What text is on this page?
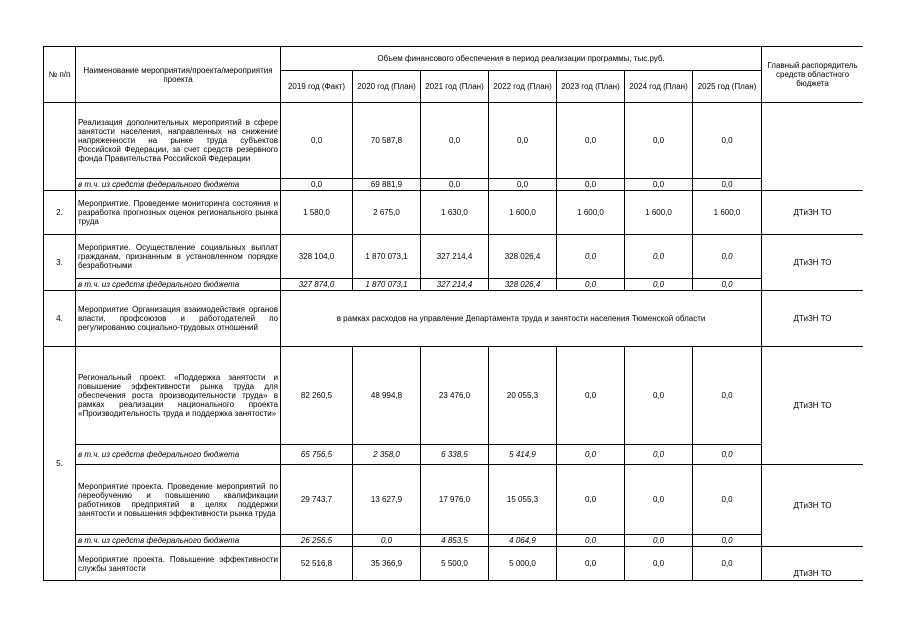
№ п/п	Наименование мероприятия/проекта/мероприятия проекта	Объем финансового обеспечения в период реализации программы, тыс.руб.							Главный распорядитель средств областного бюджета
		2019 год (Факт)	2020 год (План)	2021 год (План)	2022 год (План)	2023 год (План)	2024 год (План)	2025 год (План)	
	Реализация дополнительных мероприятий в сфере занятости населения, направленных на снижение напряженности на рынке труда субъектов Российской Федерации, за счет средств резервного фонда Правительства Российской Федерации	0,0	70 587,8	0,0	0,0	0,0	0,0	0,0	
	в т.ч. из средств федерального бюджета	0,0	69 881,9	0,0	0,0	0,0	0,0	0,0	
2.	Мероприятие. Проведение мониторинга состояния и разработка прогнозных оценок регионального рынка труда	1 580,0	2 675,0	1 630,0	1 600,0	1 600,0	1 600,0	1 600,0	ДТиЗН ТО
3.	Мероприятие. Осуществление социальных выплат гражданам, признанным в установленном порядке безработными	328 104,0	1 870 073,1	327 214,4	328 026,4	0,0	0,0	0,0	ДТиЗН ТО
	в т.ч. из средств федерального бюджета	327 874,0	1 870 073,1	327 214,4	328 026,4	0,0	0,0	0,0	
4.	Мероприятие Организация взаимодействия органов власти, профсоюзов и работодателей по регулированию социально-трудовых отношений	в рамках расходов на управление Департамента труда и занятости населения Тюменской области							ДТиЗН ТО
5.	Региональный проект. «Поддержка занятости и повышение эффективности рынка труда для обеспечения роста производительности труда» в рамках реализации национального проекта «Производительность труда и поддержка занятости»	82 260,5	48 994,8	23 476,0	20 055,3	0,0	0,0	0,0	ДТиЗН ТО
	в т.ч. из средств федерального бюджета	65 756,5	2 358,0	6 338,5	5 414,9	0,0	0,0	0,0	
	Мероприятие проекта. Проведение мероприятий по переобучению и повышению квалификации работников предприятий в целях поддержки занятости и повышения эффективности рынка труда	29 743,7	13 627,9	17 976,0	15 055,3	0,0	0,0	0,0	ДТиЗН ТО
	в т.ч. из средств федерального бюджета	26 256,5	0,0	4 853,5	4 064,9	0,0	0,0	0,0	
	Мероприятие проекта. Повышение эффективности службы занятости	52 516,8	35 366,9	5 500,0	5 000,0	0,0	0,0	0,0	ДТиЗН ТО
